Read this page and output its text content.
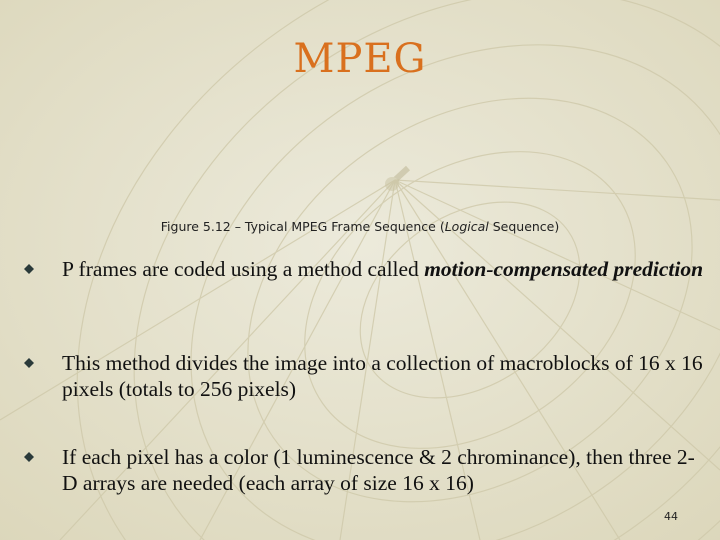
MPEG
Figure 5.12 – Typical MPEG Frame Sequence (Logical Sequence)
P frames are coded using a method called motion-compensated prediction
This method divides the image into a collection of macroblocks of 16 x 16 pixels (totals to 256 pixels)
If each pixel has a color (1 luminescence & 2 chrominance), then three 2-D arrays are needed (each array of size 16 x 16)
44
